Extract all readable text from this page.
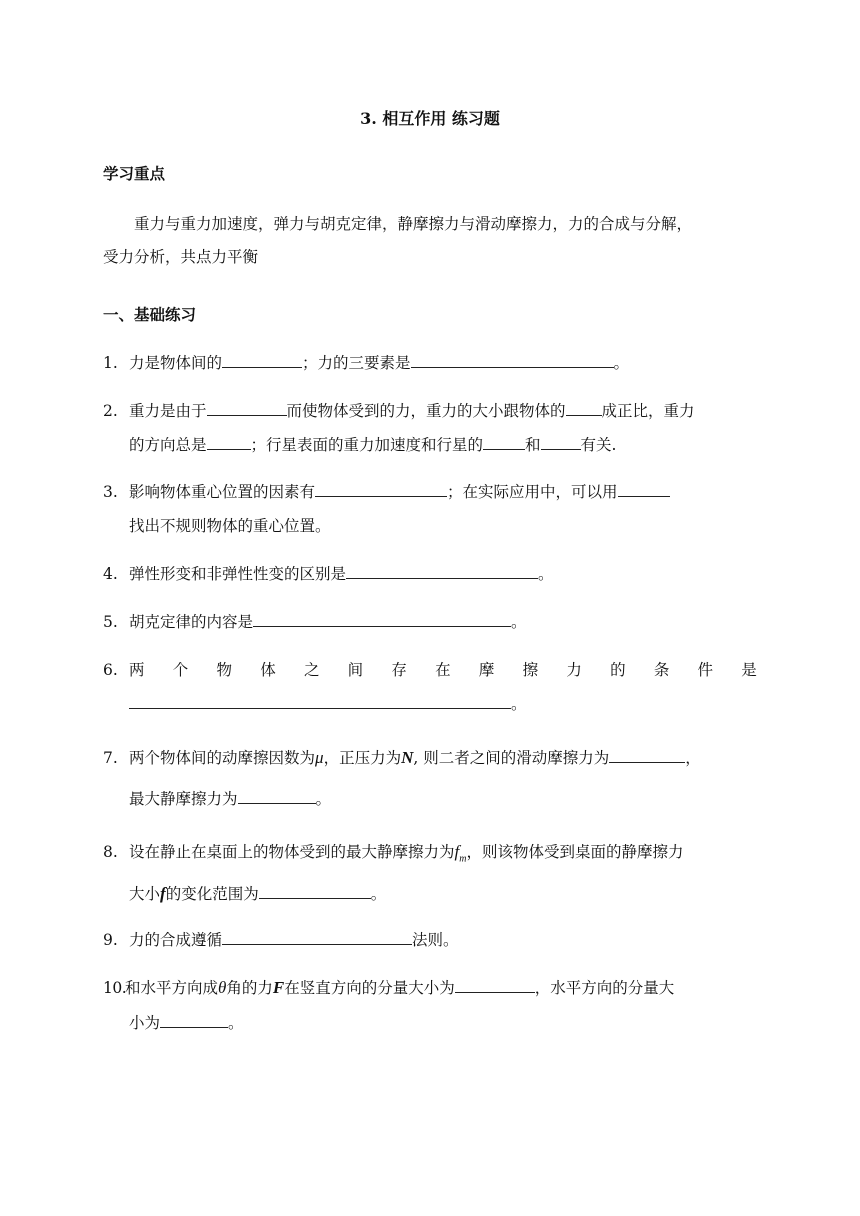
3. 相互作用 练习题
学习重点
重力与重力加速度，弹力与胡克定律，静摩擦力与滑动摩擦力，力的合成与分解，
受力分析，共点力平衡
一、基础练习
1. 力是物体间的	；力的三要素是	。
2. 重力是由于	而使物体受到的力，重力的大小跟物体的 成正比，重力
的方向总是	；行星表面的重力加速度和行星的	和	有关.
3. 影响物体重心位置的因素有	；在实际应用中，可以用
找出不规则物体的重心位置。
4. 弹性形变和非弹性性变的区别是	。
5. 胡克定律的内容是	。
6. 两 个 物 体 之 间 存 在 摩 擦 力 的 条 件 是
。
7. 两个物体间的动摩擦因数为μ，正压力为N, 则二者之间的滑动摩擦力为	，
最大静摩擦力为	。
8. 设在静止在桌面上的物体受到的最大静摩擦力为$f_m$，则该物体受到桌面的静摩擦力
大小f的变化范围为	。
9. 力的合成遵循	法则。
10.和水平方向成θ角的力F在竖直方向的分量大小为	，水平方向的分量大
小为	。
